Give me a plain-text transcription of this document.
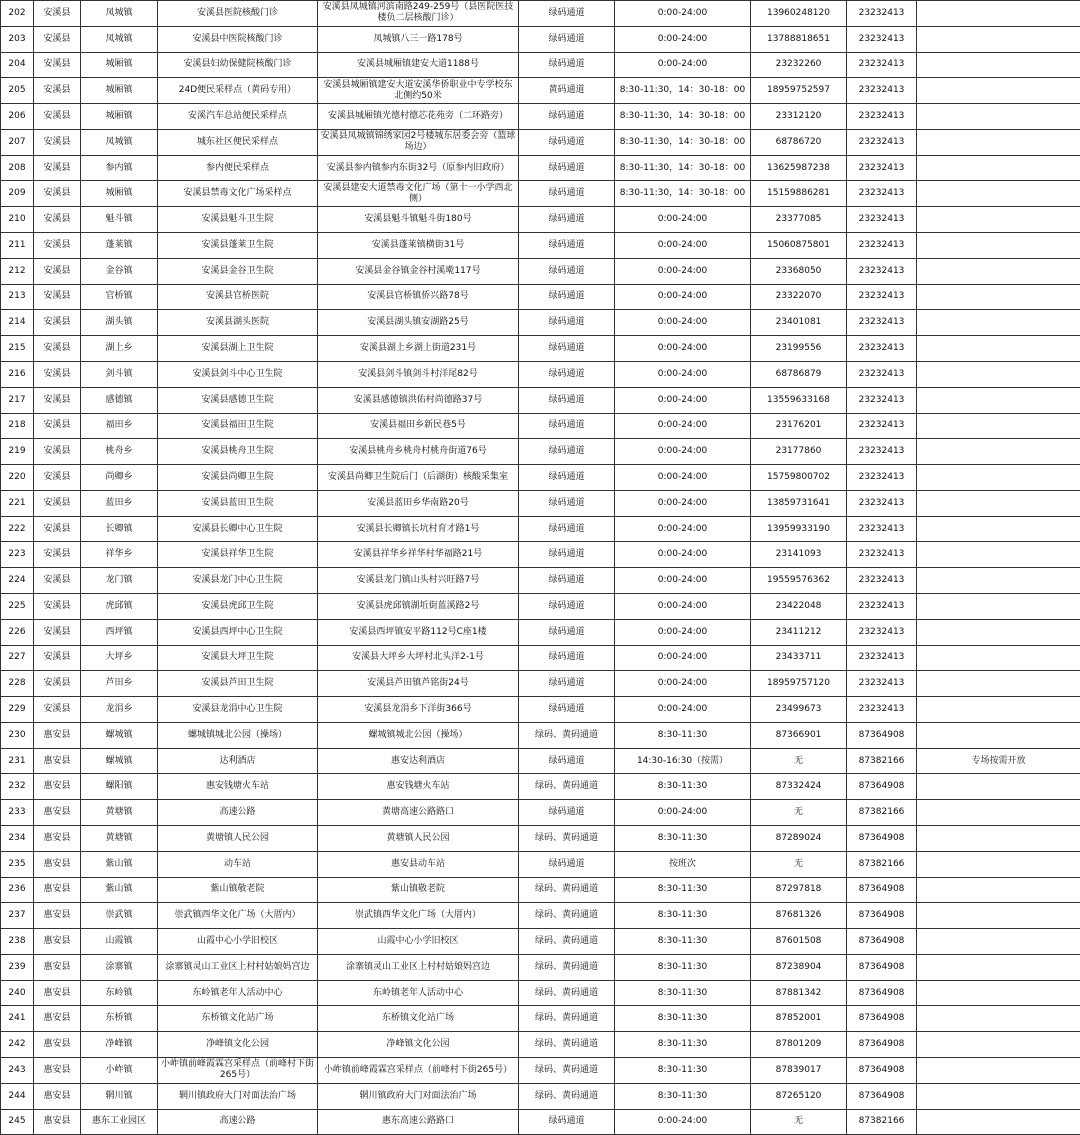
202	安溪县	凤城镇	安溪县医院核酸门诊	安溪县凤城镇河滨南路249-259号（县医院医技楼负二层核酸门诊）	绿码通道	0:00-24:00	13960248120	23232413	
203	安溪县	凤城镇	安溪县中医院核酸门诊	凤城镇八三一路178号	绿码通道	0:00-24:00	13788818651	23232413	
204	安溪县	城厢镇	安溪县妇幼保健院核酸门诊	安溪县城厢镇建安大道1188号	绿码通道	0:00-24:00	23232260	23232413	
205	安溪县	城厢镇	24D便民采样点（黄码专用）	安溪县城厢镇建安大道安溪华侨职业中专学校东北侧约50米	黄码通道	8:30-11:30，14：30-18：00	18959752597	23232413	
206	安溪县	城厢镇	安溪汽车总站便民采样点	安溪县城厢镇光德村德芯花苑旁（二环路旁）	绿码通道	8:30-11:30，14：30-18：00	23312120	23232413	
207	安溪县	凤城镇	城东社区便民采样点	安溪县凤城镇锦绣家园2号楼城东居委会旁（篮球场边）	绿码通道	8:30-11:30，14：30-18：00	68786720	23232413	
208	安溪县	参内镇	参内便民采样点	安溪县参内镇参内东街32号（原参内旧政府）	绿码通道	8:30-11:30，14：30-18：00	13625987238	23232413	
209	安溪县	城厢镇	安溪县禁毒文化广场采样点	安溪县建安大道禁毒文化广场（第十一小学西北侧）	绿码通道	8:30-11:30，14：30-18：00	15159886281	23232413	
210	安溪县	魁斗镇	安溪县魁斗卫生院	安溪县魁斗镇魁斗街180号	绿码通道	0:00-24:00	23377085	23232413	
211	安溪县	蓬莱镇	安溪县蓬莱卫生院	安溪县蓬莱镇横街31号	绿码通道	0:00-24:00	15060875801	23232413	
212	安溪县	金谷镇	安溪县金谷卫生院	安溪县金谷镇金谷村溪墘117号	绿码通道	0:00-24:00	23368050	23232413	
213	安溪县	官桥镇	安溪县官桥医院	安溪县官桥镇侨兴路78号	绿码通道	0:00-24:00	23322070	23232413	
214	安溪县	湖头镇	安溪县湖头医院	安溪县湖头镇安湖路25号	绿码通道	0:00-24:00	23401081	23232413	
215	安溪县	湖上乡	安溪县湖上卫生院	安溪县湖上乡湖上街道231号	绿码通道	0:00-24:00	23199556	23232413	
216	安溪县	剑斗镇	安溪县剑斗中心卫生院	安溪县剑斗镇剑斗村洋尾82号	绿码通道	0:00-24:00	68786879	23232413	
217	安溪县	感德镇	安溪县感德卫生院	安溪县感德镇洪佑村尚德路37号	绿码通道	0:00-24:00	13559633168	23232413	
218	安溪县	福田乡	安溪县福田卫生院	安溪县福田乡新民巷5号	绿码通道	0:00-24:00	23176201	23232413	
219	安溪县	桃舟乡	安溪县桃舟卫生院	安溪县桃舟乡桃舟村桃舟街道76号	绿码通道	0:00-24:00	23177860	23232413	
220	安溪县	尚卿乡	安溪县尚卿卫生院	安溪县尚卿卫生院后门（后湖街）核酸采集室	绿码通道	0:00-24:00	15759800702	23232413	
221	安溪县	蓝田乡	安溪县蓝田卫生院	安溪县蓝田乡华南路20号	绿码通道	0:00-24:00	13859731641	23232413	
222	安溪县	长卿镇	安溪县长卿中心卫生院	安溪县长卿镇长坑村育才路1号	绿码通道	0:00-24:00	13959933190	23232413	
223	安溪县	祥华乡	安溪县祥华卫生院	安溪县祥华乡祥华村华福路21号	绿码通道	0:00-24:00	23141093	23232413	
224	安溪县	龙门镇	安溪县龙门中心卫生院	安溪县龙门镇山头村兴旺路7号	绿码通道	0:00-24:00	19559576362	23232413	
225	安溪县	虎邱镇	安溪县虎邱卫生院	安溪县虎邱镇湖坵街蓝溪路2号	绿码通道	0:00-24:00	23422048	23232413	
226	安溪县	西坪镇	安溪县西坪中心卫生院	安溪县西坪镇安平路112号C座1楼	绿码通道	0:00-24:00	23411212	23232413	
227	安溪县	大坪乡	安溪县大坪卫生院	安溪县大坪乡大坪村北头洋2-1号	绿码通道	0:00-24:00	23433711	23232413	
228	安溪县	芦田乡	安溪县芦田卫生院	安溪县芦田镇芦铭街24号	绿码通道	0:00-24:00	18959757120	23232413	
229	安溪县	龙涓乡	安溪县龙涓中心卫生院	安溪县龙涓乡下洋街366号	绿码通道	0:00-24:00	23499673	23232413	
230	惠安县	螺城镇	螺城镇城北公园（操场）	螺城镇城北公园（操场）	绿码、黄码通道	8:30-11:30	87366901	87364908	
231	惠安县	螺城镇	达利酒店	惠安达利酒店	绿码通道	14:30-16:30（按需）	无	87382166	专场按需开放
232	惠安县	螺阳镇	惠安钱塘火车站	惠安钱塘火车站	绿码、黄码通道	8:30-11:30	87332424	87364908	
233	惠安县	黄塘镇	高速公路	黄塘高速公路路口	绿码通道	0:00-24:00	无	87382166	
234	惠安县	黄塘镇	黄塘镇人民公园	黄塘镇人民公园	绿码、黄码通道	8:30-11:30	87289024	87364908	
235	惠安县	紫山镇	动车站	惠安县动车站	绿码通道	按班次	无	87382166	
236	惠安县	紫山镇	紫山镇敬老院	紫山镇敬老院	绿码、黄码通道	8:30-11:30	87297818	87364908	
237	惠安县	崇武镇	崇武镇西华文化广场（大厝内）	崇武镇西华文化广场（大厝内）	绿码、黄码通道	8:30-11:30	87681326	87364908	
238	惠安县	山霞镇	山霞中心小学旧校区	山霞中心小学旧校区	绿码、黄码通道	8:30-11:30	87601508	87364908	
239	惠安县	涂寨镇	涂寨镇灵山工业区上村村姑娘妈宫边	涂寨镇灵山工业区上村村姑娘妈宫边	绿码、黄码通道	8:30-11:30	87238904	87364908	
240	惠安县	东岭镇	东岭镇老年人活动中心	东岭镇老年人活动中心	绿码、黄码通道	8:30-11:30	87881342	87364908	
241	惠安县	东桥镇	东桥镇文化站广场	东桥镇文化站广场	绿码、黄码通道	8:30-11:30	87852001	87364908	
242	惠安县	净峰镇	净峰镇文化公园	净峰镇文化公园	绿码、黄码通道	8:30-11:30	87801209	87364908	
243	惠安县	小岞镇	小岞镇前峰霞霖宫采样点（前峰村下街265号）	小岞镇前峰霞霖宫采样点（前峰村下街265号）	绿码、黄码通道	8:30-11:30	87839017	87364908	
244	惠安县	辋川镇	辋川镇政府大门对面法治广场	辋川镇政府大门对面法治广场	绿码、黄码通道	8:30-11:30	87265120	87364908	
245	惠安县	惠东工业园区	高速公路	惠东高速公路路口	绿码通道	0:00-24:00	无	87382166	
